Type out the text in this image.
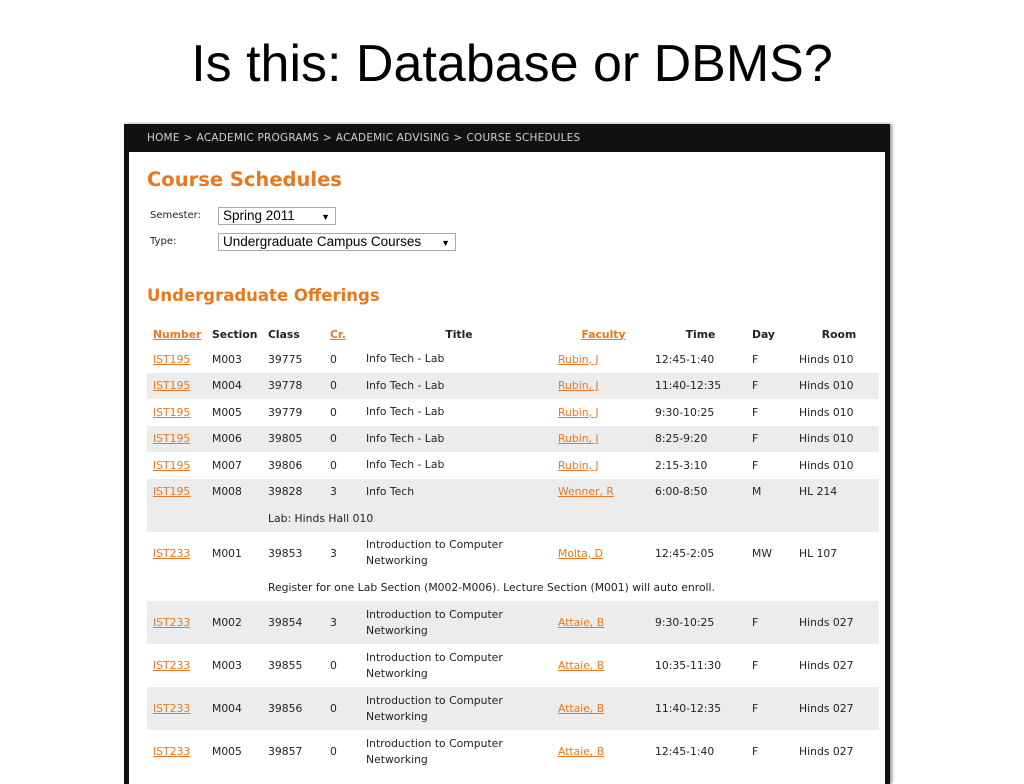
Is this: Database or DBMS?
HOME > ACADEMIC PROGRAMS > ACADEMIC ADVISING > COURSE SCHEDULES
Course Schedules
Semester:	Spring 2011	▼
Type:	Undergraduate Campus Courses ▼
Undergraduate Offerings
Number	Section	Class	Cr.	Title	Faculty	Time	Day	Room
IST195	M003	39775	0	Info Tech - Lab	Rubin, J	12:45-1:40	F	Hinds 010
IST195	M004	39778	0	Info Tech - Lab	Rubin, J	11:40-12:35	F	Hinds 010
IST195	M005	39779	0	Info Tech - Lab	Rubin, J	9:30-10:25	F	Hinds 010
IST195	M006	39805	0	Info Tech - Lab	Rubin, J	8:25-9:20	F	Hinds 010
IST195	M007	39806	0	Info Tech - Lab	Rubin, J	2:15-3:10	F	Hinds 010
IST195	M008	39828	3	Info Tech	Wenner, R	6:00-8:50	M	HL 214
		Lab: Hinds Hall 010						
IST233	M001	39853	3	Introduction to Computer Networking	Molta, D	12:45-2:05	MW	HL 107
		Register for one Lab Section (M002-M006). Lecture Section (M001) will auto enroll.						
IST233	M002	39854	3	Introduction to Computer Networking	Attaie, B	9:30-10:25	F	Hinds 027
IST233	M003	39855	0	Introduction to Computer Networking	Attaie, B	10:35-11:30	F	Hinds 027
IST233	M004	39856	0	Introduction to Computer Networking	Attaie, B	11:40-12:35	F	Hinds 027
IST233	M005	39857	0	Introduction to Computer Networking	Attaie, B	12:45-1:40	F	Hinds 027
